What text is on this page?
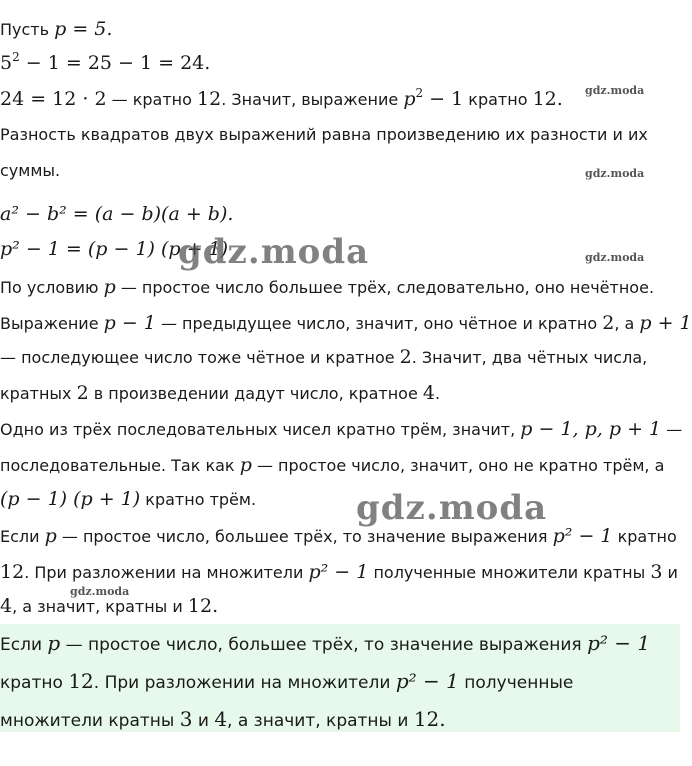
Пусть p = 5.
$5^2 - 1 = 25 - 1 = 24$.
24 = 12 · 2 — кратно 12. Значит, выражение $p^2 - 1$ кратно 12. gdz.moda
Разность квадратов двух выражений равна произведению их разности и их
суммы.	gdz.moda
a² − b² = (a − b)(a + b).
p² − 1 = (p − 1) (p + 1)
gdz.moda	gdz.moda
По условию p — простое число большее трёх, следовательно, оно нечётное.
Выражение p − 1 — предыдущее число, значит, оно чётное и кратно 2, а p + 1
— последующее число тоже чётное и кратное 2. Значит, два чётных числа,
кратных 2 в произведении дадут число, кратное 4.
Одно из трёх последовательных чисел кратно трём, значит, p − 1, p, p + 1 —
последовательные. Так как p — простое число, значит, оно не кратно трём, а
(p − 1) (p + 1) кратно трём.	gdz.moda
Если p — простое число, большее трёх, то значение выражения p² − 1 кратно
12. При разложении на множители p² − 1 полученные множители кратны 3 и
4, а значит, кратны и 12.
gdz.moda
Если p — простое число, большее трёх, то значение выражения p² − 1
кратно 12. При разложении на множители p² − 1 полученные
множители кратны 3 и 4, а значит, кратны и 12.
